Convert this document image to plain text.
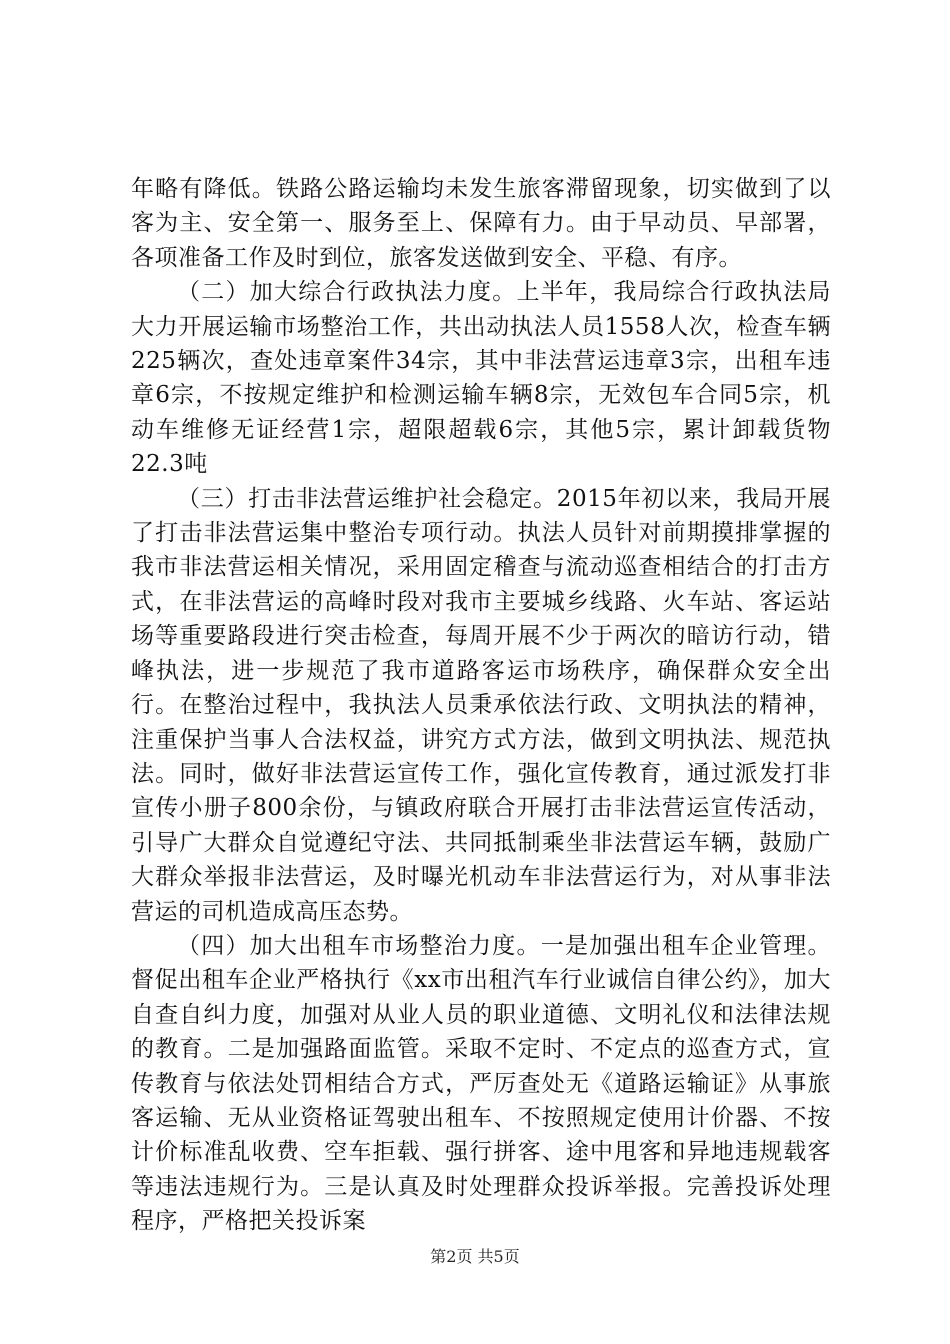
年略有降低。铁路公路运输均未发生旅客滞留现象，切实做到了以客为主、安全第一、服务至上、保障有力。由于早动员、早部署，各项准备工作及时到位，旅客发送做到安全、平稳、有序。

（二）加大综合行政执法力度。上半年，我局综合行政执法局大力开展运输市场整治工作，共出动执法人员1558人次，检查车辆225辆次，查处违章案件34宗，其中非法营运违章3宗，出租车违章6宗，不按规定维护和检测运输车辆8宗，无效包车合同5宗，机动车维修无证经营1宗，超限超载6宗，其他5宗，累计卸载货物22.3吨

（三）打击非法营运维护社会稳定。2015年初以来，我局开展了打击非法营运集中整治专项行动。执法人员针对前期摸排掌握的我市非法营运相关情况，采用固定稽查与流动巡查相结合的打击方式，在非法营运的高峰时段对我市主要城乡线路、火车站、客运站场等重要路段进行突击检查，每周开展不少于两次的暗访行动，错峰执法，进一步规范了我市道路客运市场秩序，确保群众安全出行。在整治过程中，我执法人员秉承依法行政、文明执法的精神，注重保护当事人合法权益，讲究方式方法，做到文明执法、规范执法。同时，做好非法营运宣传工作，强化宣传教育，通过派发打非宣传小册子800余份，与镇政府联合开展打击非法营运宣传活动，引导广大群众自觉遵纪守法、共同抵制乘坐非法营运车辆，鼓励广大群众举报非法营运，及时曝光机动车非法营运行为，对从事非法营运的司机造成高压态势。

（四）加大出租车市场整治力度。一是加强出租车企业管理。督促出租车企业严格执行《xx市出租汽车行业诚信自律公约》，加大自查自纠力度，加强对从业人员的职业道德、文明礼仪和法律法规的教育。二是加强路面监管。采取不定时、不定点的巡查方式，宣传教育与依法处罚相结合方式，严厉查处无《道路运输证》从事旅客运输、无从业资格证驾驶出租车、不按照规定使用计价器、不按计价标准乱收费、空车拒载、强行拼客、途中甩客和异地违规载客等违法违规行为。三是认真及时处理群众投诉举报。完善投诉处理程序，严格把关投诉案

第2页 共5页
